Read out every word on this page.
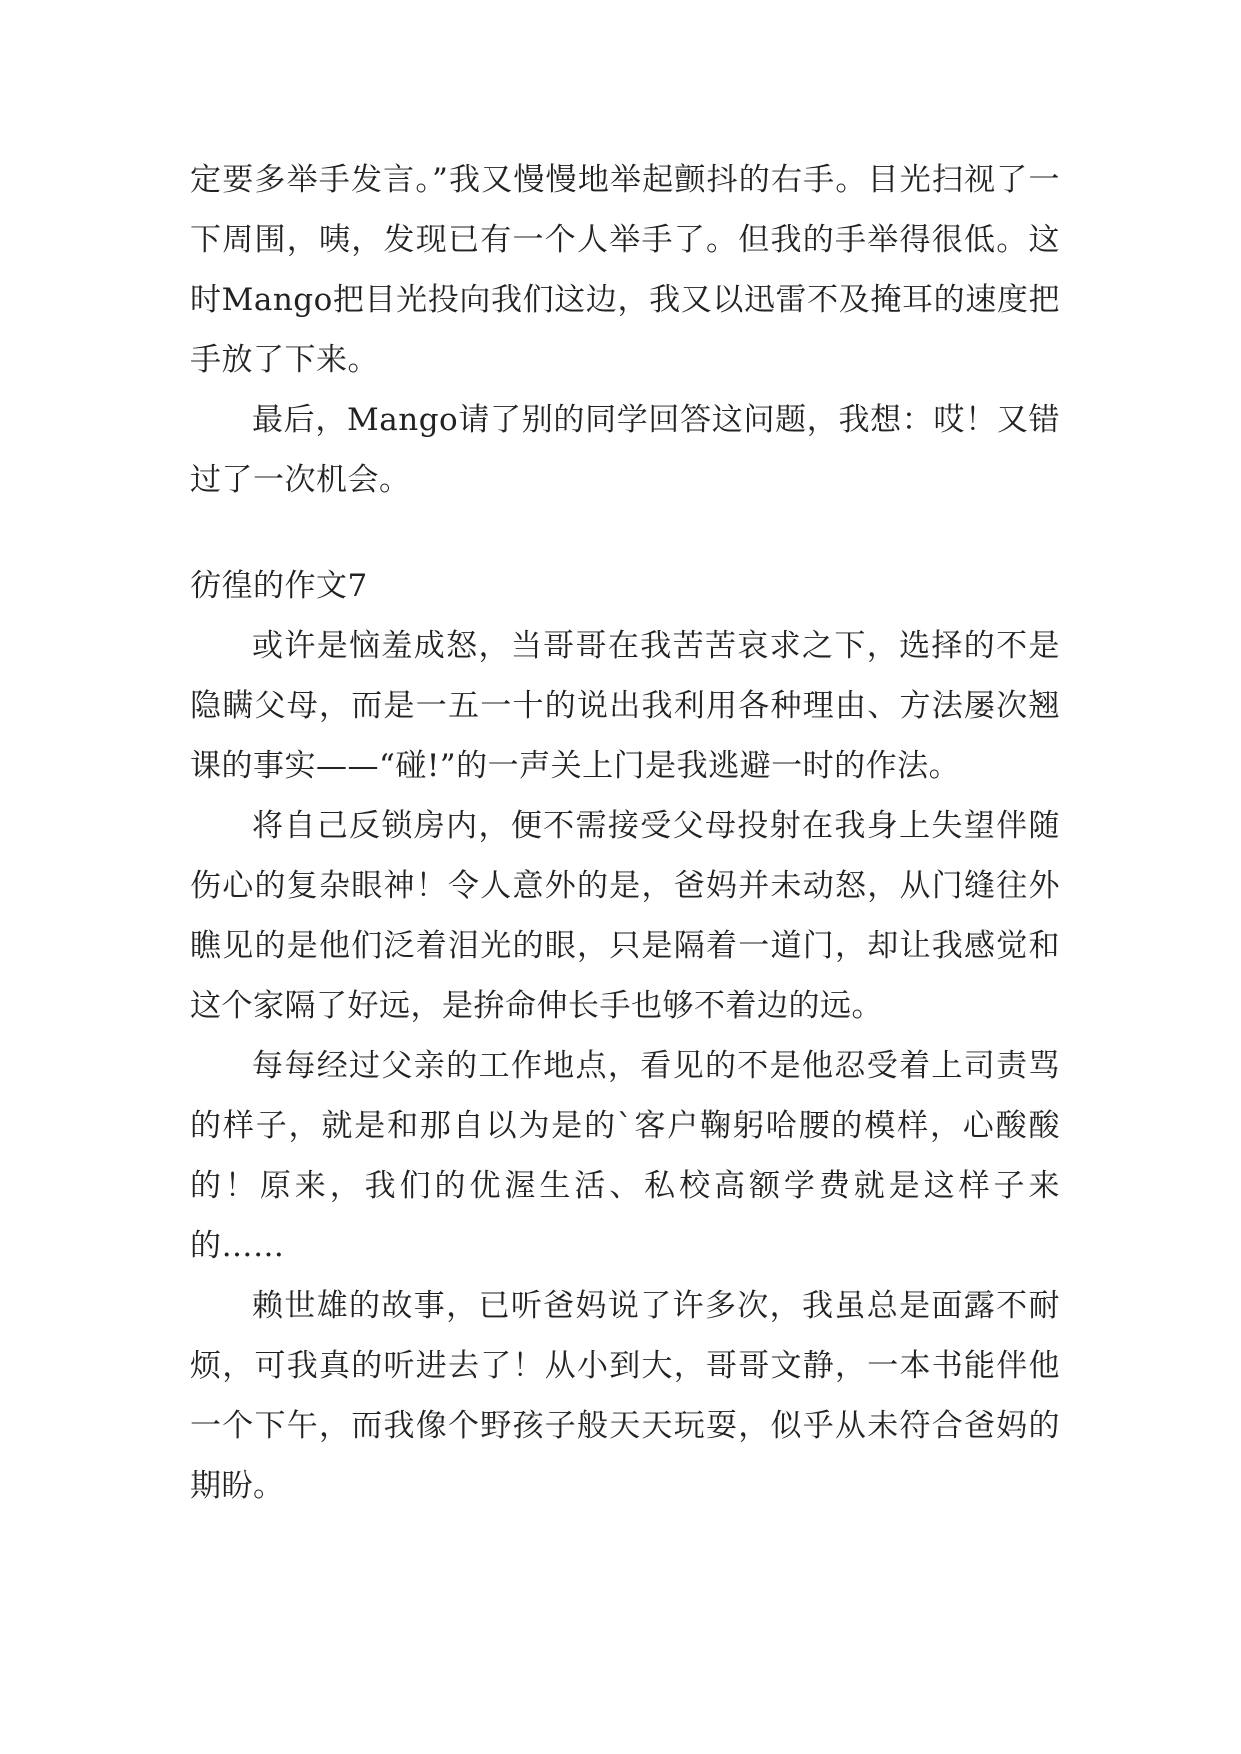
定要多举手发言。”我又慢慢地举起颤抖的右手。目光扫视了一下周围，咦，发现已有一个人举手了。但我的手举得很低。这时Mango把目光投向我们这边，我又以迅雷不及掩耳的速度把手放了下来。

最后，Mango请了别的同学回答这问题，我想：哎！又错过了一次机会。

彷徨的作文7

或许是恼羞成怒，当哥哥在我苦苦哀求之下，选择的不是隐瞒父母，而是一五一十的说出我利用各种理由、方法屡次翘课的事实——“碰!”的一声关上门是我逃避一时的作法。

将自己反锁房内，便不需接受父母投射在我身上失望伴随伤心的复杂眼神！令人意外的是，爸妈并未动怒，从门缝往外瞧见的是他们泛着泪光的眼，只是隔着一道门，却让我感觉和这个家隔了好远，是拚命伸长手也够不着边的远。

每每经过父亲的工作地点，看见的不是他忍受着上司责骂的样子，就是和那自以为是的`客户鞠躬哈腰的模样，心酸酸的！原来，我们的优渥生活、私校高额学费就是这样子来的……

赖世雄的故事，已听爸妈说了许多次，我虽总是面露不耐烦，可我真的听进去了！从小到大，哥哥文静，一本书能伴他一个下午，而我像个野孩子般天天玩耍，似乎从未符合爸妈的期盼。
